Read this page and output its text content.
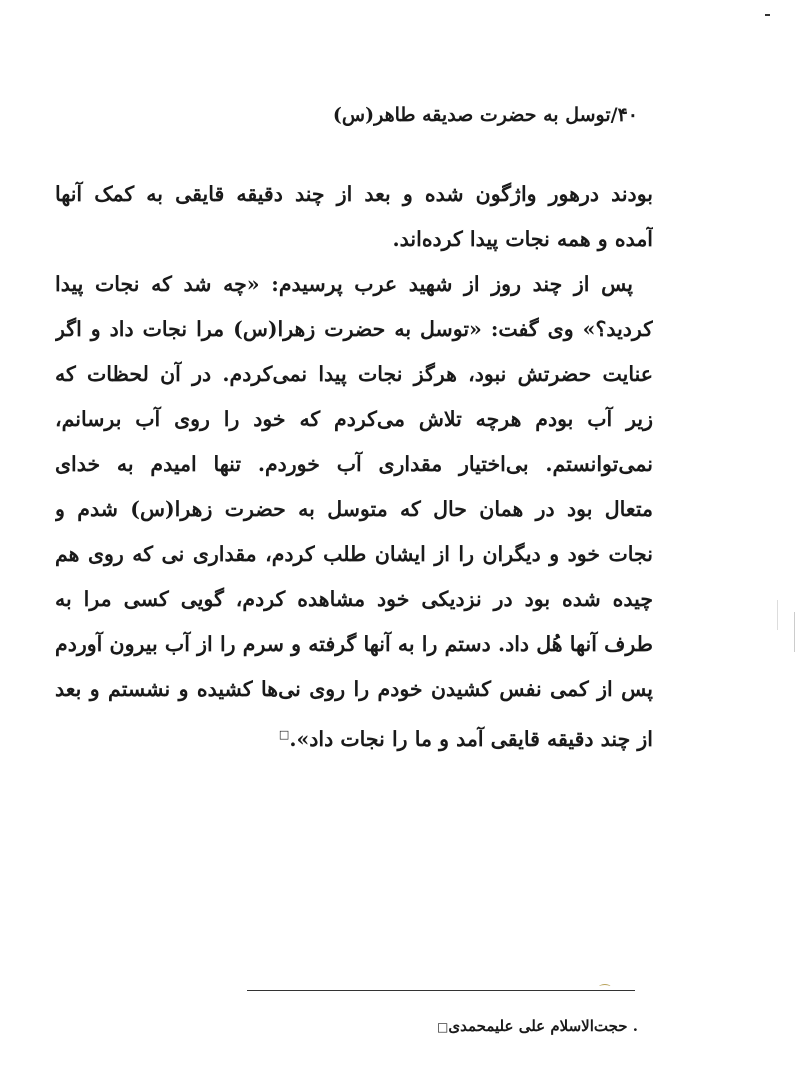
۴۰/توسل به حضرت صدیقه طاهر(س)
بودند درهور واژگون شده و بعد از چند دقیقه قایقی به کمک آنها
آمده و همه نجات پیدا کرده‌اند.
پس از چند روز از شهید عرب پرسیدم: «چه شد که نجات پیدا
کردید؟» وی گفت: «توسل به حضرت زهرا(س) مرا نجات داد و اگر
عنایت حضرتش نبود، هرگز نجات پیدا نمی‌کردم. در آن لحظات که
زیر آب بودم هرچه تلاش می‌کردم که خود را روی آب برسانم،
نمی‌توانستم. بی‌اختیار مقداری آب خوردم. تنها امیدم به خدای
متعال بود در همان حال که متوسل به حضرت زهرا(س) شدم و
نجات خود و دیگران را از ایشان طلب کردم، مقداری نی که روی هم
چیده شده بود در نزدیکی خود مشاهده کردم، گویی کسی مرا به
طرف آنها هُل داد. دستم را به آنها گرفته و سرم را از آب بیرون آوردم
پس از کمی نفس کشیدن خودم را روی نی‌ها کشیده و نشستم و بعد
از چند دقیقه قایقی آمد و ما را نجات داد».□
⁀
. حجت‌الاسلام علی علیمحمدی□
